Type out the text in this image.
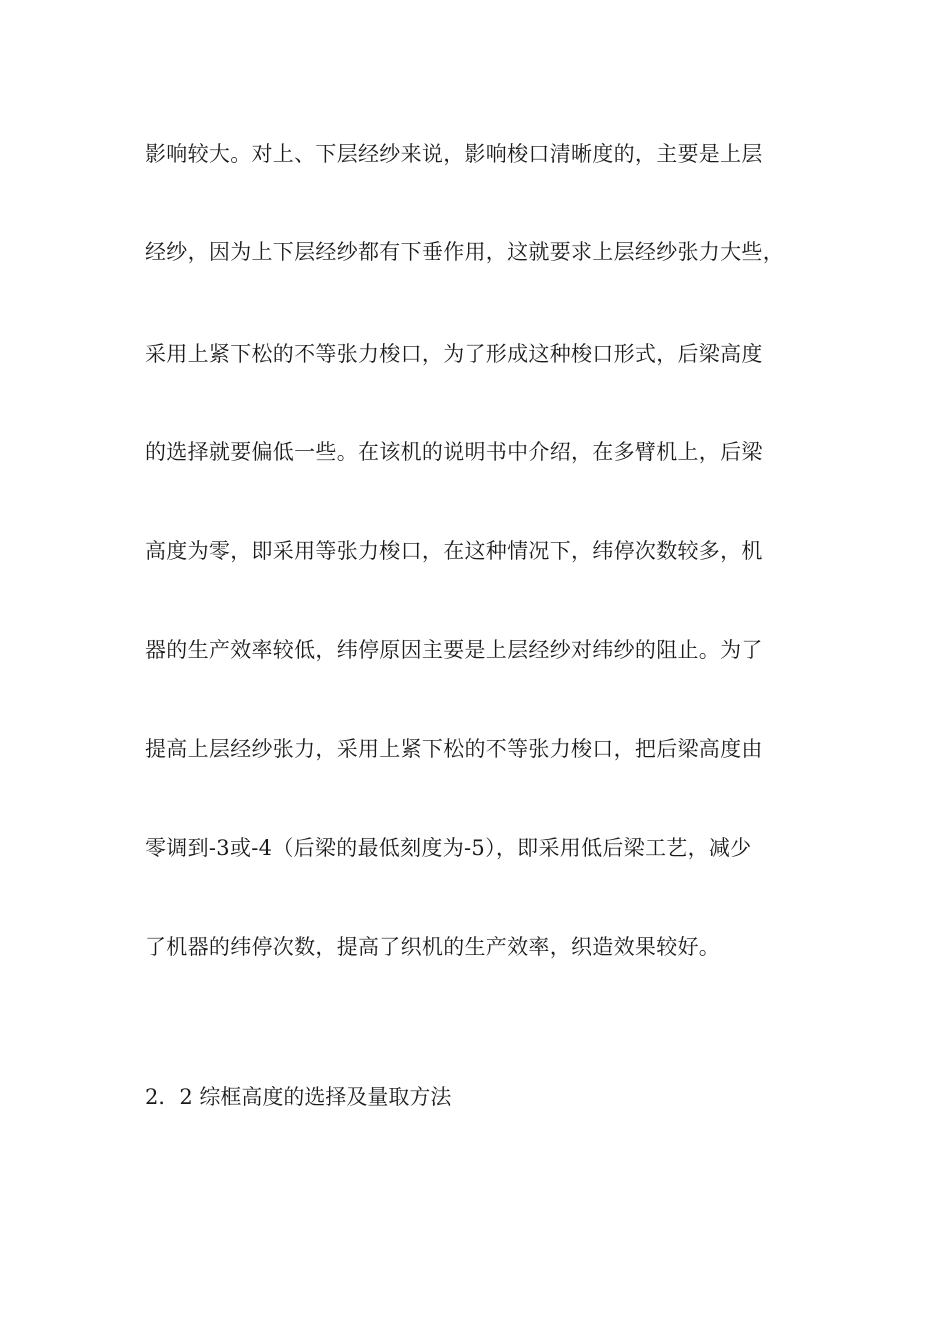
影响较大。对上、下层经纱来说，影响梭口清晰度的，主要是上层
经纱，因为上下层经纱都有下垂作用，这就要求上层经纱张力大些，
采用上紧下松的不等张力梭口，为了形成这种梭口形式，后梁高度
的选择就要偏低一些。在该机的说明书中介绍，在多臂机上，后梁
高度为零，即采用等张力梭口，在这种情况下，纬停次数较多，机
器的生产效率较低，纬停原因主要是上层经纱对纬纱的阻止。为了
提高上层经纱张力，采用上紧下松的不等张力梭口，把后梁高度由
零调到-3或-4（后梁的最低刻度为-5），即采用低后梁工艺，减少
了机器的纬停次数，提高了织机的生产效率，织造效果较好。
2．2 综框高度的选择及量取方法
